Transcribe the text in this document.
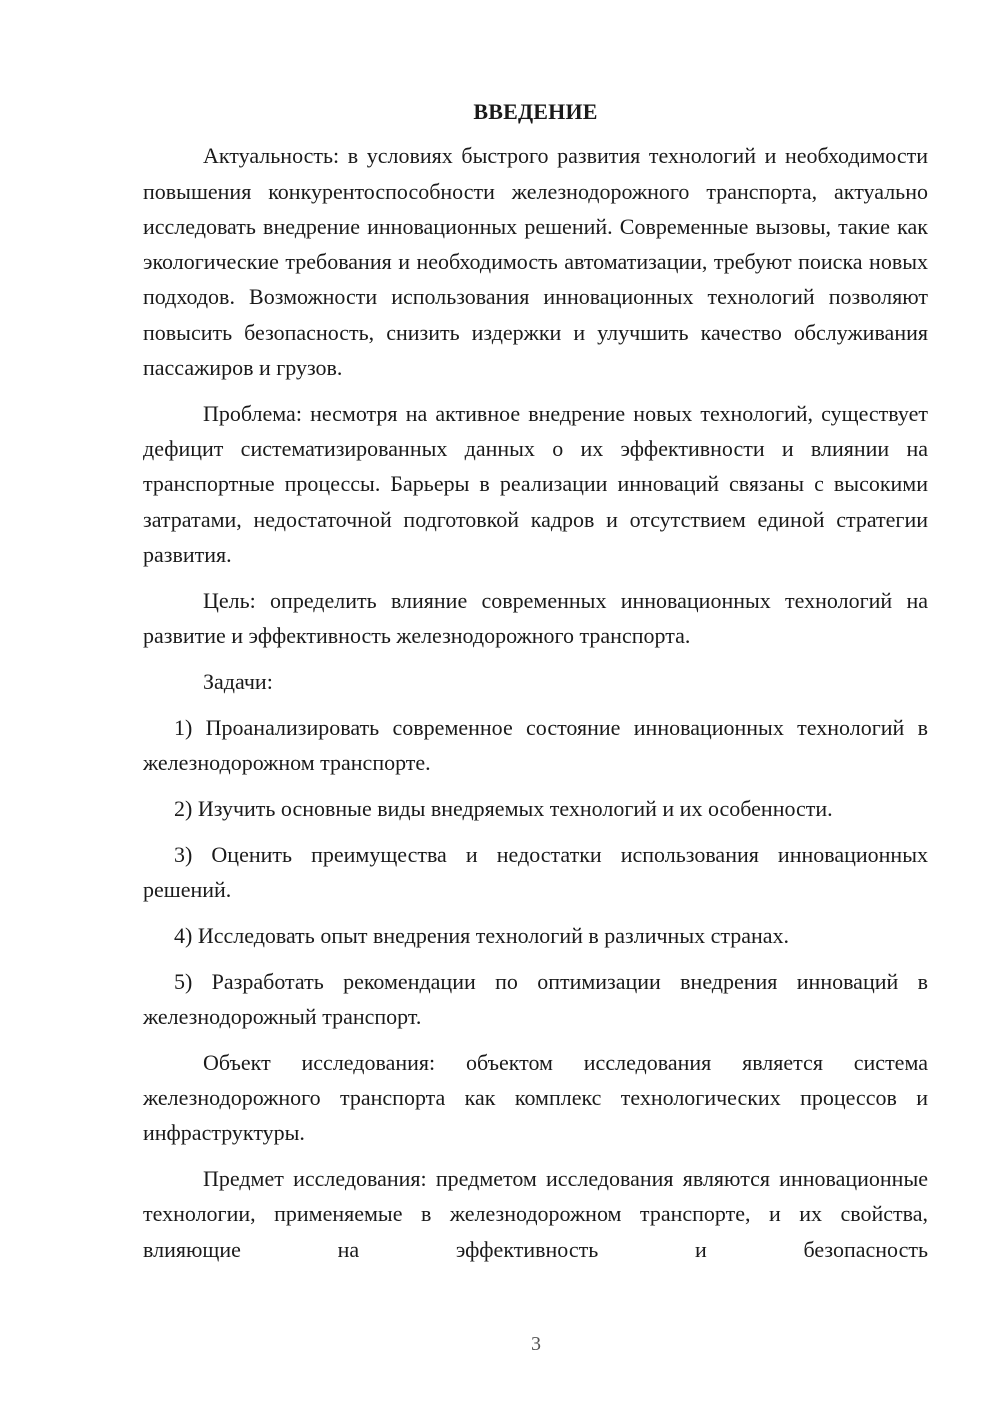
ВВЕДЕНИЕ

Актуальность: в условиях быстрого развития технологий и необходимости повышения конкурентоспособности железнодорожного транспорта, актуально исследовать внедрение инновационных решений. Современные вызовы, такие как экологические требования и необходимость автоматизации, требуют поиска новых подходов. Возможности использования инновационных технологий позволяют повысить безопасность, снизить издержки и улучшить качество обслуживания пассажиров и грузов.

Проблема: несмотря на активное внедрение новых технологий, существует дефицит систематизированных данных о их эффективности и влиянии на транспортные процессы. Барьеры в реализации инноваций связаны с высокими затратами, недостаточной подготовкой кадров и отсутствием единой стратегии развития.

Цель: определить влияние современных инновационных технологий на развитие и эффективность железнодорожного транспорта.

Задачи:

1) Проанализировать современное состояние инновационных технологий в железнодорожном транспорте.

2) Изучить основные виды внедряемых технологий и их особенности.

3) Оценить преимущества и недостатки использования инновационных решений.

4) Исследовать опыт внедрения технологий в различных странах.

5) Разработать рекомендации по оптимизации внедрения инноваций в железнодорожный транспорт.

Объект исследования: объектом исследования является система железнодорожного транспорта как комплекс технологических процессов и инфраструктуры.

Предмет исследования: предметом исследования являются инновационные технологии, применяемые в железнодорожном транспорте, и их свойства, влияющие на эффективность и безопасность

3
